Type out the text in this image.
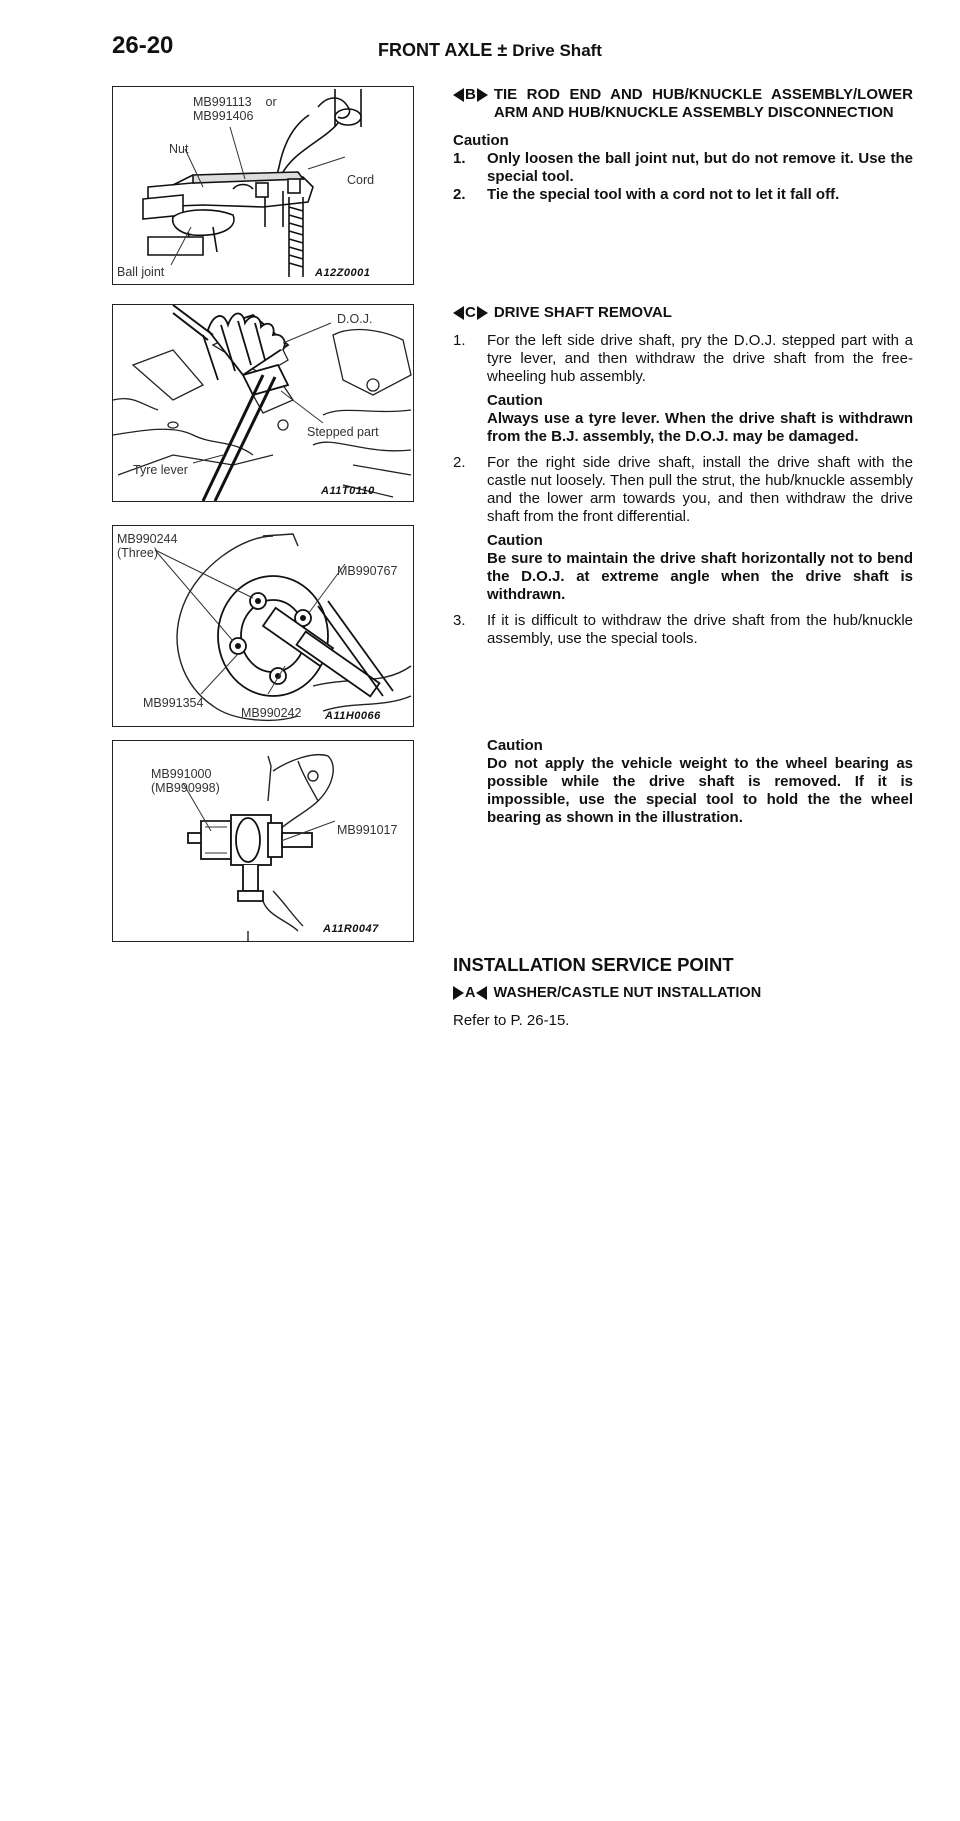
26-20	FRONT AXLE ± Drive Shaft
MB991113    or
MB991406
Nut
Cord
Ball joint	A12Z0001
D.O.J.
Stepped part
Tyre lever
A11T0110
MB990244
(Three)
MB990767
MB991354
MB990242 A11H0066
MB991000
(MB990998)
MB991017
A11R0047
B TIE ROD END AND HUB/KNUCKLE ASSEMBLY/LOWER ARM AND HUB/KNUCKLE ASSEMBLY DISCONNECTION
Caution
1. Only loosen the ball joint nut, but do not remove it. Use the special tool.
2. Tie the special tool with a cord not to let it fall off.
C DRIVE SHAFT REMOVAL
1. For the left side drive shaft, pry the D.O.J. stepped part with a tyre lever, and then withdraw the drive shaft from the free-wheeling hub assembly.
Caution
Always use a tyre lever. When the drive shaft is withdrawn from the B.J. assembly, the D.O.J. may be damaged.
2. For the right side drive shaft, install the drive shaft with the castle nut loosely. Then pull the strut, the hub/knuckle assembly and the lower arm towards you, and then withdraw the drive shaft from the front differential.
Caution
Be sure to maintain the drive shaft horizontally not to bend the D.O.J. at extreme angle when the drive shaft is withdrawn.
3. If it is difficult to withdraw the drive shaft from the hub/knuckle assembly, use the special tools.
Caution
Do not apply the vehicle weight to the wheel bearing as possible while the drive shaft is removed. If it is impossible, use the special tool to hold the the wheel bearing as shown in the illustration.
INSTALLATION SERVICE POINT
A WASHER/CASTLE NUT INSTALLATION
Refer to P. 26-15.
